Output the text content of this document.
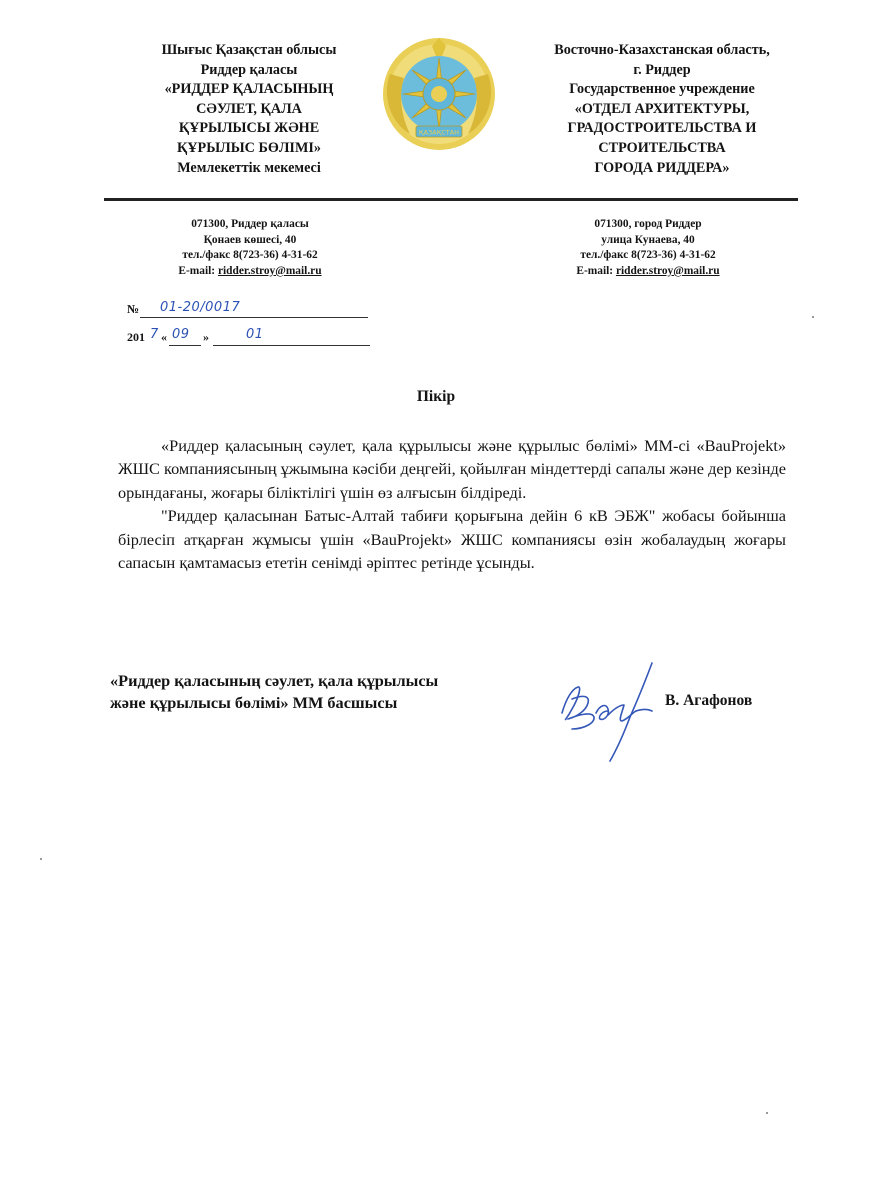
Шығыс Қазақстан облысы
Риддер қаласы
«РИДДЕР ҚАЛАСЫНЫҢ
СӘУЛЕТ, ҚАЛА
ҚҰРЫЛЫСЫ ЖӘНЕ
ҚҰРЫЛЫС БӨЛІМІ»
Мемлекеттік мекемесі
ҚАЗАҚСТАН
Восточно-Казахстанская область,
г. Риддер
Государственное учреждение
«ОТДЕЛ АРХИТЕКТУРЫ,
ГРАДОСТРОИТЕЛЬСТВА И
СТРОИТЕЛЬСТВА
ГОРОДА РИДДЕРА»
071300, Риддер қаласы
Қонаев көшесі, 40
тел./факс 8(723-36) 4-31-62
E-mail: ridder.stroy@mail.ru
071300, город Риддер
улица Кунаева, 40
тел./факс 8(723-36) 4-31-62
E-mail: ridder.stroy@mail.ru
№ 01-20/0017
201 7 « 09 »	01
Пікір

«Риддер қаласының сәулет, қала құрылысы және құрылыс бөлімі» ММ-сі «BauProjekt» ЖШС компаниясының ұжымына кәсіби деңгейі, қойылған міндеттерді сапалы және дер кезінде орындағаны, жоғары біліктілігі үшін өз алғысын білдіреді.

"Риддер қаласынан Батыс-Алтай табиғи қорығына дейін 6 кВ ЭБЖ" жобасы бойынша бірлесіп атқарған жұмысы үшін «BauProjekt» ЖШС компаниясы өзін жобалаудың жоғары сапасын қамтамасыз ететін сенімді әріптес ретінде ұсынды.

«Риддер қаласының сәулет, қала құрылысы
және құрылысы бөлімі» ММ басшысы	В. Агафонов
